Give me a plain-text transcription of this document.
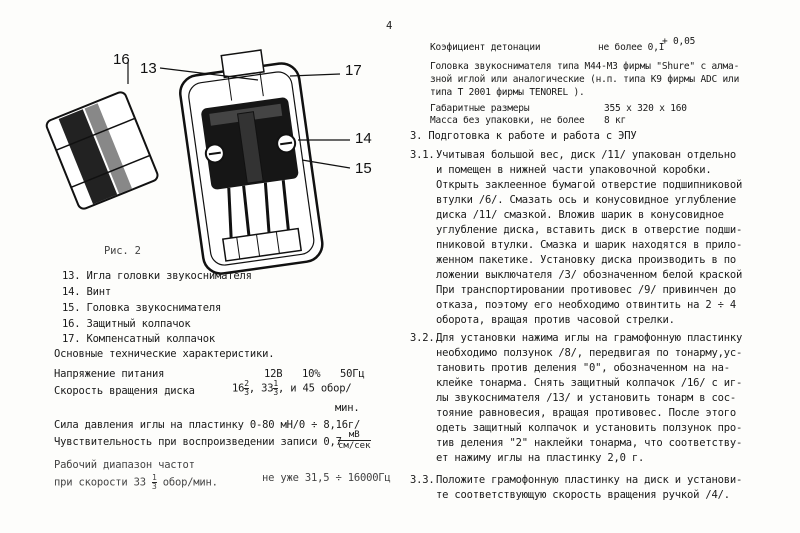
4
16
13	17
14
15
Рис. 2
13. Игла головки звукоснимателя
14. Винт
15. Головка звукоснимателя
16. Защитный колпачок
17. Компенсатный колпачок
Основные технические характеристики.
Напряжение питания	12В 10% 50Гц
Скорость вращения диска	$16 \frac{2}{3}$ , $33 \frac{1}{3}$ , и 45 обор/
мин.
Сила давления иглы на пластинку 0-80 мН/0 ÷ 8,16г/
Чувствительность при воспроизведении записи 0,7
$\frac{мВ}{\text{см/сек}}$
Рабочий диапазон частот
при скорости $33 \frac{1}{3}$ обор/мин.	не уже 31,5 ÷ 16000Гц
Коэфициент детонации	не более 0,I
+ 0,05
Головка звукоснимателя типа М44-МЗ фирмы "Shure" с алма-
зной иглой или аналогические (н.п. типа К9 фирмы ADC или
типа Т 2001 фирмы TENOREL ).
Габаритные размеры	355 х 320 х 160
Масса без упаковки, не более 8 кг
3. Подготовка к работе и работа с ЭПУ
3.1. Учитывая большой вес, диск /11/ упакован отдельно
и помещен в нижней части упаковочной коробки.
Открыть заклеенное бумагой отверстие подшипниковой
втулки /6/. Смазать ось и конусовидное углубление
диска /11/ смазкой. Вложив шарик в конусовидное
углубление диска, вставить диск в отверстие подши-
пниковой втулки. Смазка и шарик находятся в прило-
женном пакетике. Установку диска производить в по
ложении выключателя /3/ обозначенном белой краской
При транспортировании противовес /9/ привинчен до
отказа, поэтому его необходимо отвинтить на 2 ÷ 4
оборота, вращая против часовой стрелки.
3.2. Для установки нажима иглы на грамофонную пластинку
необходимо ползунок /8/, передвигая по тонарму,ус-
тановить против деления "0", обозначенном на на-
клейке тонарма. Снять защитный колпачок /16/ с иг-
лы звукоснимателя /13/ и установить тонарм в сос-
тояние равновесия, вращая противовес. После этого
одеть защитный колпачок и установить ползунок про-
тив деления "2" наклейки тонарма, что соответству-
ет нажиму иглы на пластинку 2,0 г.
3.3. Положите грамофонную пластинку на диск и установи-
те соответствующую скорость вращения ручкой /4/.
